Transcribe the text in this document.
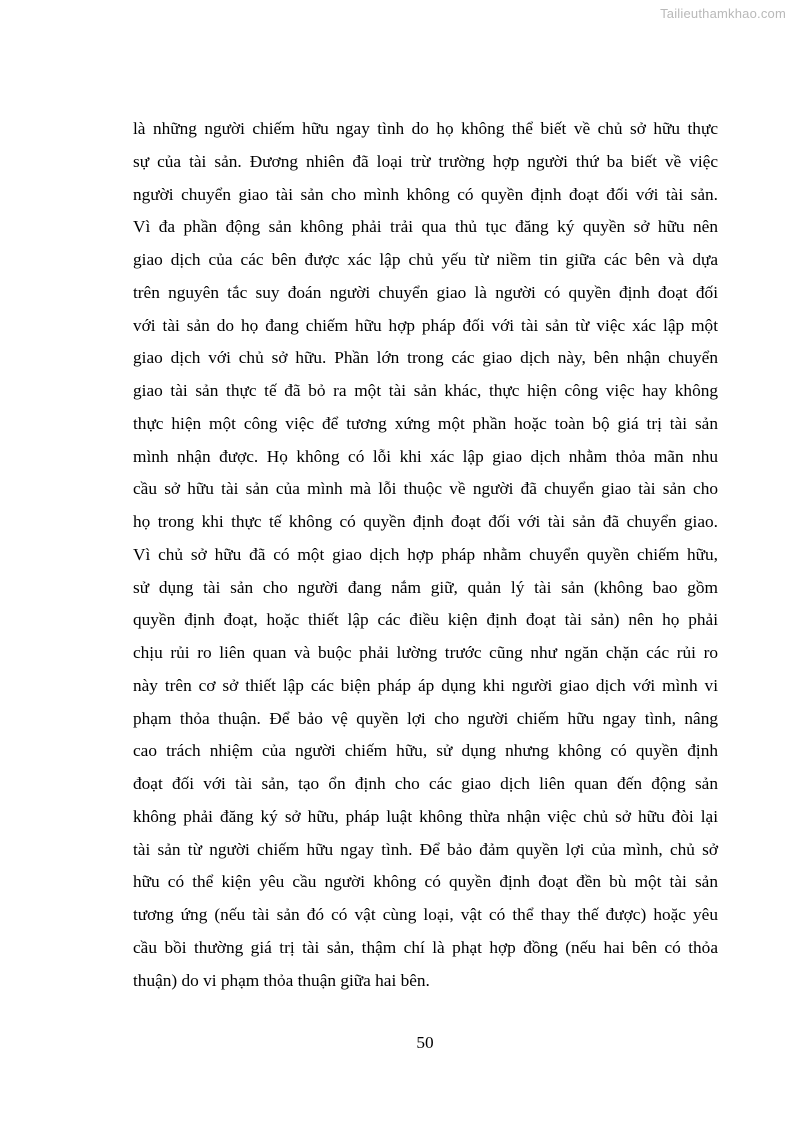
Tailieuthamkhao.com
là những người chiếm hữu ngay tình do họ không thể biết về chủ sở hữu thực
sự của tài sản. Đương nhiên đã loại trừ trường hợp người thứ ba biết về việc
người chuyển giao tài sản cho mình không có quyền định đoạt đối với tài sản.
Vì đa phần động sản không phải trải qua thủ tục đăng ký quyền sở hữu nên
giao dịch của các bên được xác lập chủ yếu từ niềm tin giữa các bên và dựa
trên nguyên tắc suy đoán người chuyển giao là người có quyền định đoạt đối
với tài sản do họ đang chiếm hữu hợp pháp đối với tài sản từ việc xác lập một
giao dịch với chủ sở hữu. Phần lớn trong các giao dịch này, bên nhận chuyển
giao tài sản thực tế đã bỏ ra một tài sản khác, thực hiện công việc hay không
thực hiện một công việc để tương xứng một phần hoặc toàn bộ giá trị tài sản
mình nhận được. Họ không có lỗi khi xác lập giao dịch nhằm thỏa mãn nhu
cầu sở hữu tài sản của mình mà lỗi thuộc về người đã chuyển giao tài sản cho
họ trong khi thực tế không có quyền định đoạt đối với tài sản đã chuyển giao.
Vì chủ sở hữu đã có một giao dịch hợp pháp nhằm chuyển quyền chiếm hữu,
sử dụng tài sản cho người đang nắm giữ, quản lý tài sản (không bao gồm
quyền định đoạt, hoặc thiết lập các điều kiện định đoạt tài sản) nên họ phải
chịu rủi ro liên quan và buộc phải lường trước cũng như ngăn chặn các rủi ro
này trên cơ sở thiết lập các biện pháp áp dụng khi người giao dịch với mình vi
phạm thỏa thuận. Để bảo vệ quyền lợi cho người chiếm hữu ngay tình, nâng
cao trách nhiệm của người chiếm hữu, sử dụng nhưng không có quyền định
đoạt đối với tài sản, tạo ổn định cho các giao dịch liên quan đến động sản
không phải đăng ký sở hữu, pháp luật không thừa nhận việc chủ sở hữu đòi lại
tài sản từ người chiếm hữu ngay tình. Để bảo đảm quyền lợi của mình, chủ sở
hữu có thể kiện yêu cầu người không có quyền định đoạt đền bù một tài sản
tương ứng (nếu tài sản đó có vật cùng loại, vật có thể thay thế được) hoặc yêu
cầu bồi thường giá trị tài sản, thậm chí là phạt hợp đồng (nếu hai bên có thỏa
thuận) do vi phạm thỏa thuận giữa hai bên.
50
